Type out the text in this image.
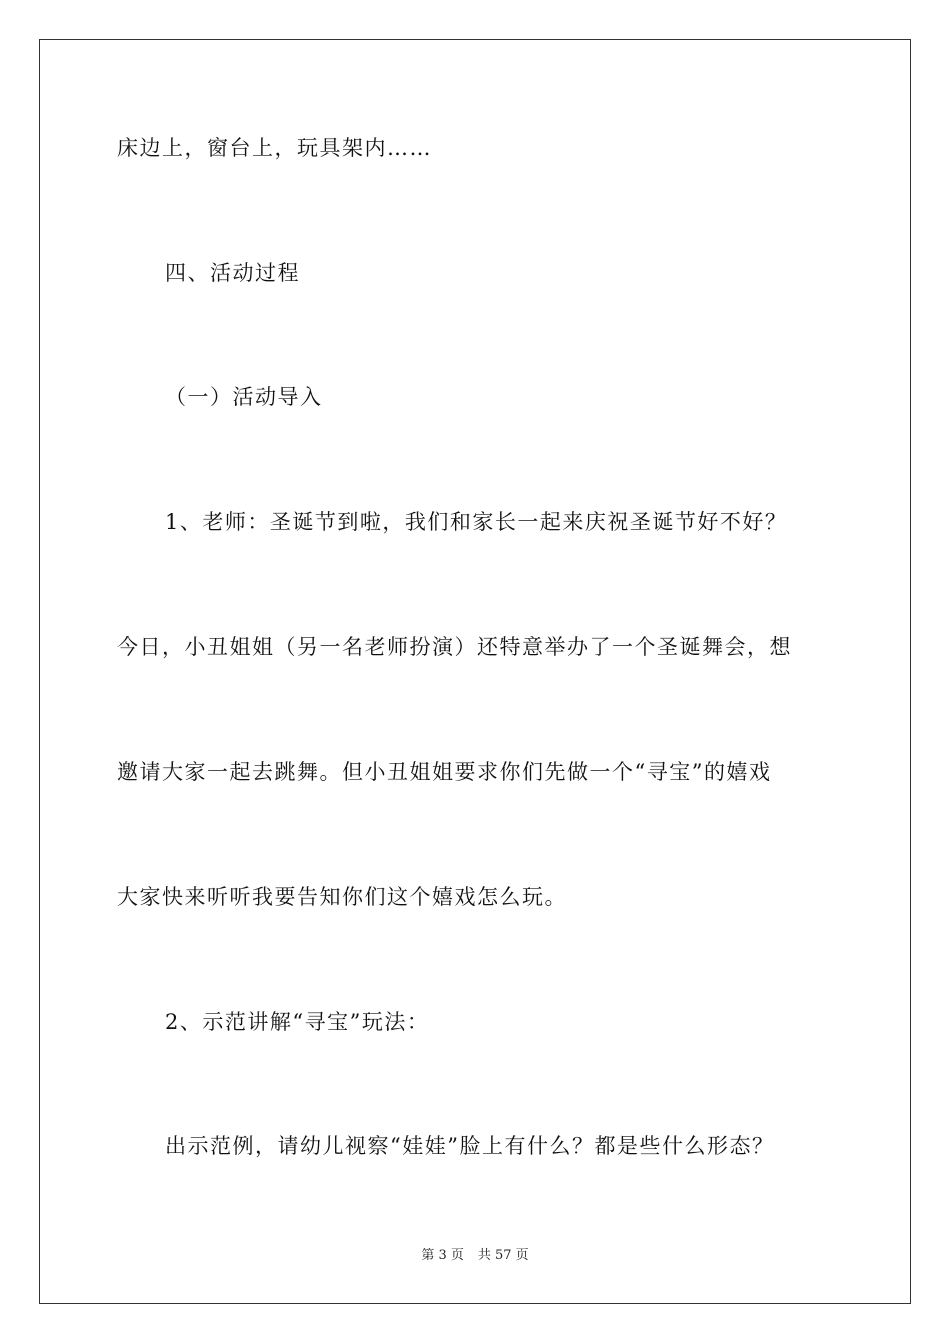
床边上，窗台上，玩具架内……
四、活动过程
（一）活动导入
1、老师：圣诞节到啦，我们和家长一起来庆祝圣诞节好不好？
今日，小丑姐姐（另一名老师扮演）还特意举办了一个圣诞舞会，想
邀请大家一起去跳舞。但小丑姐姐要求你们先做一个“寻宝”的嬉戏
大家快来听听我要告知你们这个嬉戏怎么玩。
2、示范讲解“寻宝”玩法：
出示范例，请幼儿视察“娃娃”脸上有什么？都是些什么形态？
第 3 页 共 57 页
